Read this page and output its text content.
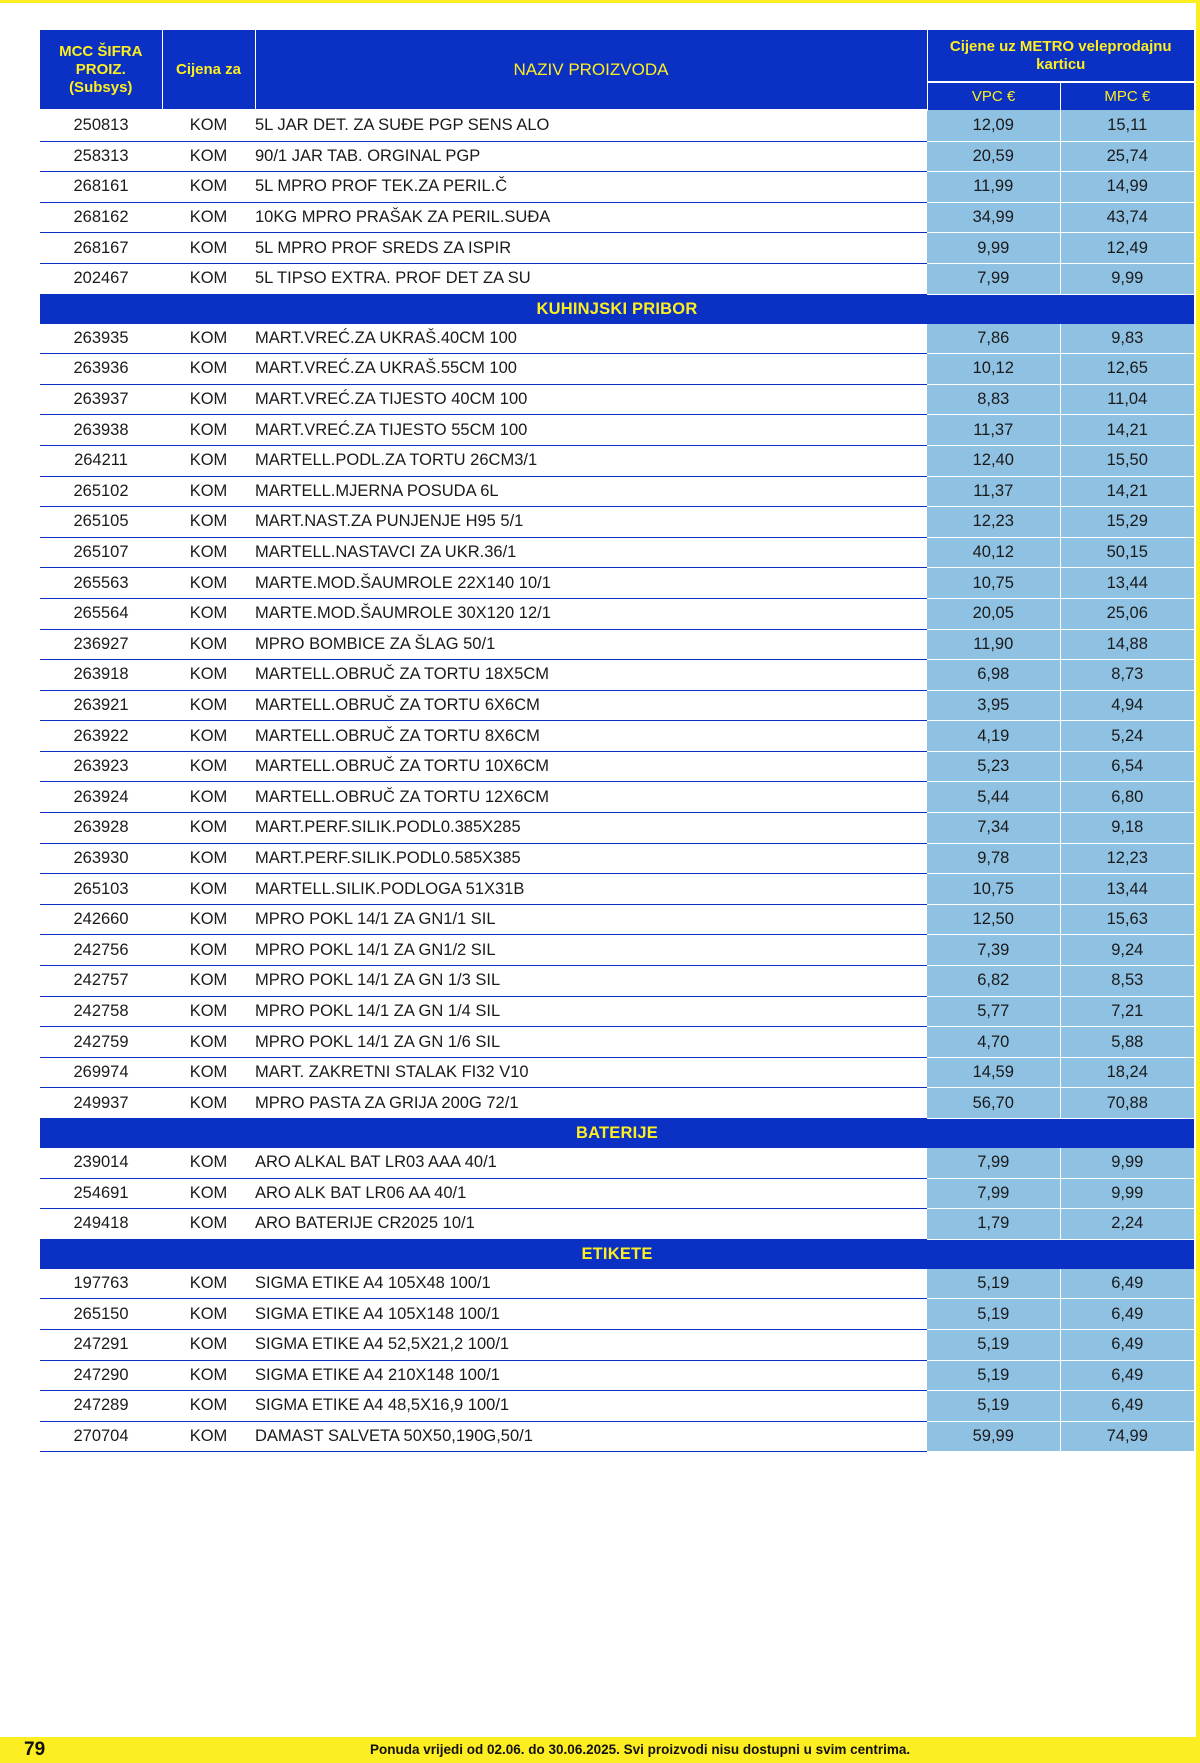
MCC ŠIFRA PROIZ. (Subsys)	Cijena za	NAZIV PROIZVODA	Cijene uz METRO veleprodajnu karticu	
			VPC €	MPC €
250813	KOM	5L JAR DET. ZA SUĐE PGP SENS ALO	12,09	15,11
258313	KOM	90/1 JAR TAB. ORGINAL PGP	20,59	25,74
268161	KOM	5L MPRO PROF TEK.ZA PERIL.Č	11,99	14,99
268162	KOM	10KG MPRO PRAŠAK ZA PERIL.SUĐA	34,99	43,74
268167	KOM	5L MPRO PROF SREDS ZA ISPIR	9,99	12,49
202467	KOM	5L TIPSO EXTRA. PROF DET ZA SU	7,99	9,99
KUHINJSKI PRIBOR				
263935	KOM	MART.VREĆ.ZA UKRAŠ.40CM 100	7,86	9,83
263936	KOM	MART.VREĆ.ZA UKRAŠ.55CM 100	10,12	12,65
263937	KOM	MART.VREĆ.ZA TIJESTO 40CM 100	8,83	11,04
263938	KOM	MART.VREĆ.ZA TIJESTO 55CM 100	11,37	14,21
264211	KOM	MARTELL.PODL.ZA TORTU 26CM3/1	12,40	15,50
265102	KOM	MARTELL.MJERNA POSUDA 6L	11,37	14,21
265105	KOM	MART.NAST.ZA PUNJENJE H95 5/1	12,23	15,29
265107	KOM	MARTELL.NASTAVCI ZA UKR.36/1	40,12	50,15
265563	KOM	MARTE.MOD.ŠAUMROLE 22X140 10/1	10,75	13,44
265564	KOM	MARTE.MOD.ŠAUMROLE 30X120 12/1	20,05	25,06
236927	KOM	MPRO BOMBICE ZA ŠLAG 50/1	11,90	14,88
263918	KOM	MARTELL.OBRUČ ZA TORTU 18X5CM	6,98	8,73
263921	KOM	MARTELL.OBRUČ ZA TORTU 6X6CM	3,95	4,94
263922	KOM	MARTELL.OBRUČ ZA TORTU 8X6CM	4,19	5,24
263923	KOM	MARTELL.OBRUČ ZA TORTU 10X6CM	5,23	6,54
263924	KOM	MARTELL.OBRUČ ZA TORTU 12X6CM	5,44	6,80
263928	KOM	MART.PERF.SILIK.PODL0.385X285	7,34	9,18
263930	KOM	MART.PERF.SILIK.PODL0.585X385	9,78	12,23
265103	KOM	MARTELL.SILIK.PODLOGA 51X31B	10,75	13,44
242660	KOM	MPRO POKL 14/1 ZA GN1/1 SIL	12,50	15,63
242756	KOM	MPRO POKL 14/1 ZA GN1/2 SIL	7,39	9,24
242757	KOM	MPRO POKL 14/1 ZA GN 1/3 SIL	6,82	8,53
242758	KOM	MPRO POKL 14/1 ZA GN 1/4 SIL	5,77	7,21
242759	KOM	MPRO POKL 14/1 ZA GN 1/6 SIL	4,70	5,88
269974	KOM	MART. ZAKRETNI STALAK FI32 V10	14,59	18,24
249937	KOM	MPRO PASTA ZA GRIJA 200G 72/1	56,70	70,88
BATERIJE				
239014	KOM	ARO ALKAL BAT LR03 AAA 40/1	7,99	9,99
254691	KOM	ARO ALK BAT LR06 AA 40/1	7,99	9,99
249418	KOM	ARO BATERIJE CR2025 10/1	1,79	2,24
ETIKETE				
197763	KOM	SIGMA ETIKE A4 105X48 100/1	5,19	6,49
265150	KOM	SIGMA ETIKE A4 105X148 100/1	5,19	6,49
247291	KOM	SIGMA ETIKE A4 52,5X21,2 100/1	5,19	6,49
247290	KOM	SIGMA ETIKE A4 210X148 100/1	5,19	6,49
247289	KOM	SIGMA ETIKE A4 48,5X16,9 100/1	5,19	6,49
270704	KOM	DAMAST SALVETA 50X50,190G,50/1	59,99	74,99
79	Ponuda vrijedi od 02.06. do 30.06.2025. Svi proizvodi nisu dostupni u svim centrima.
